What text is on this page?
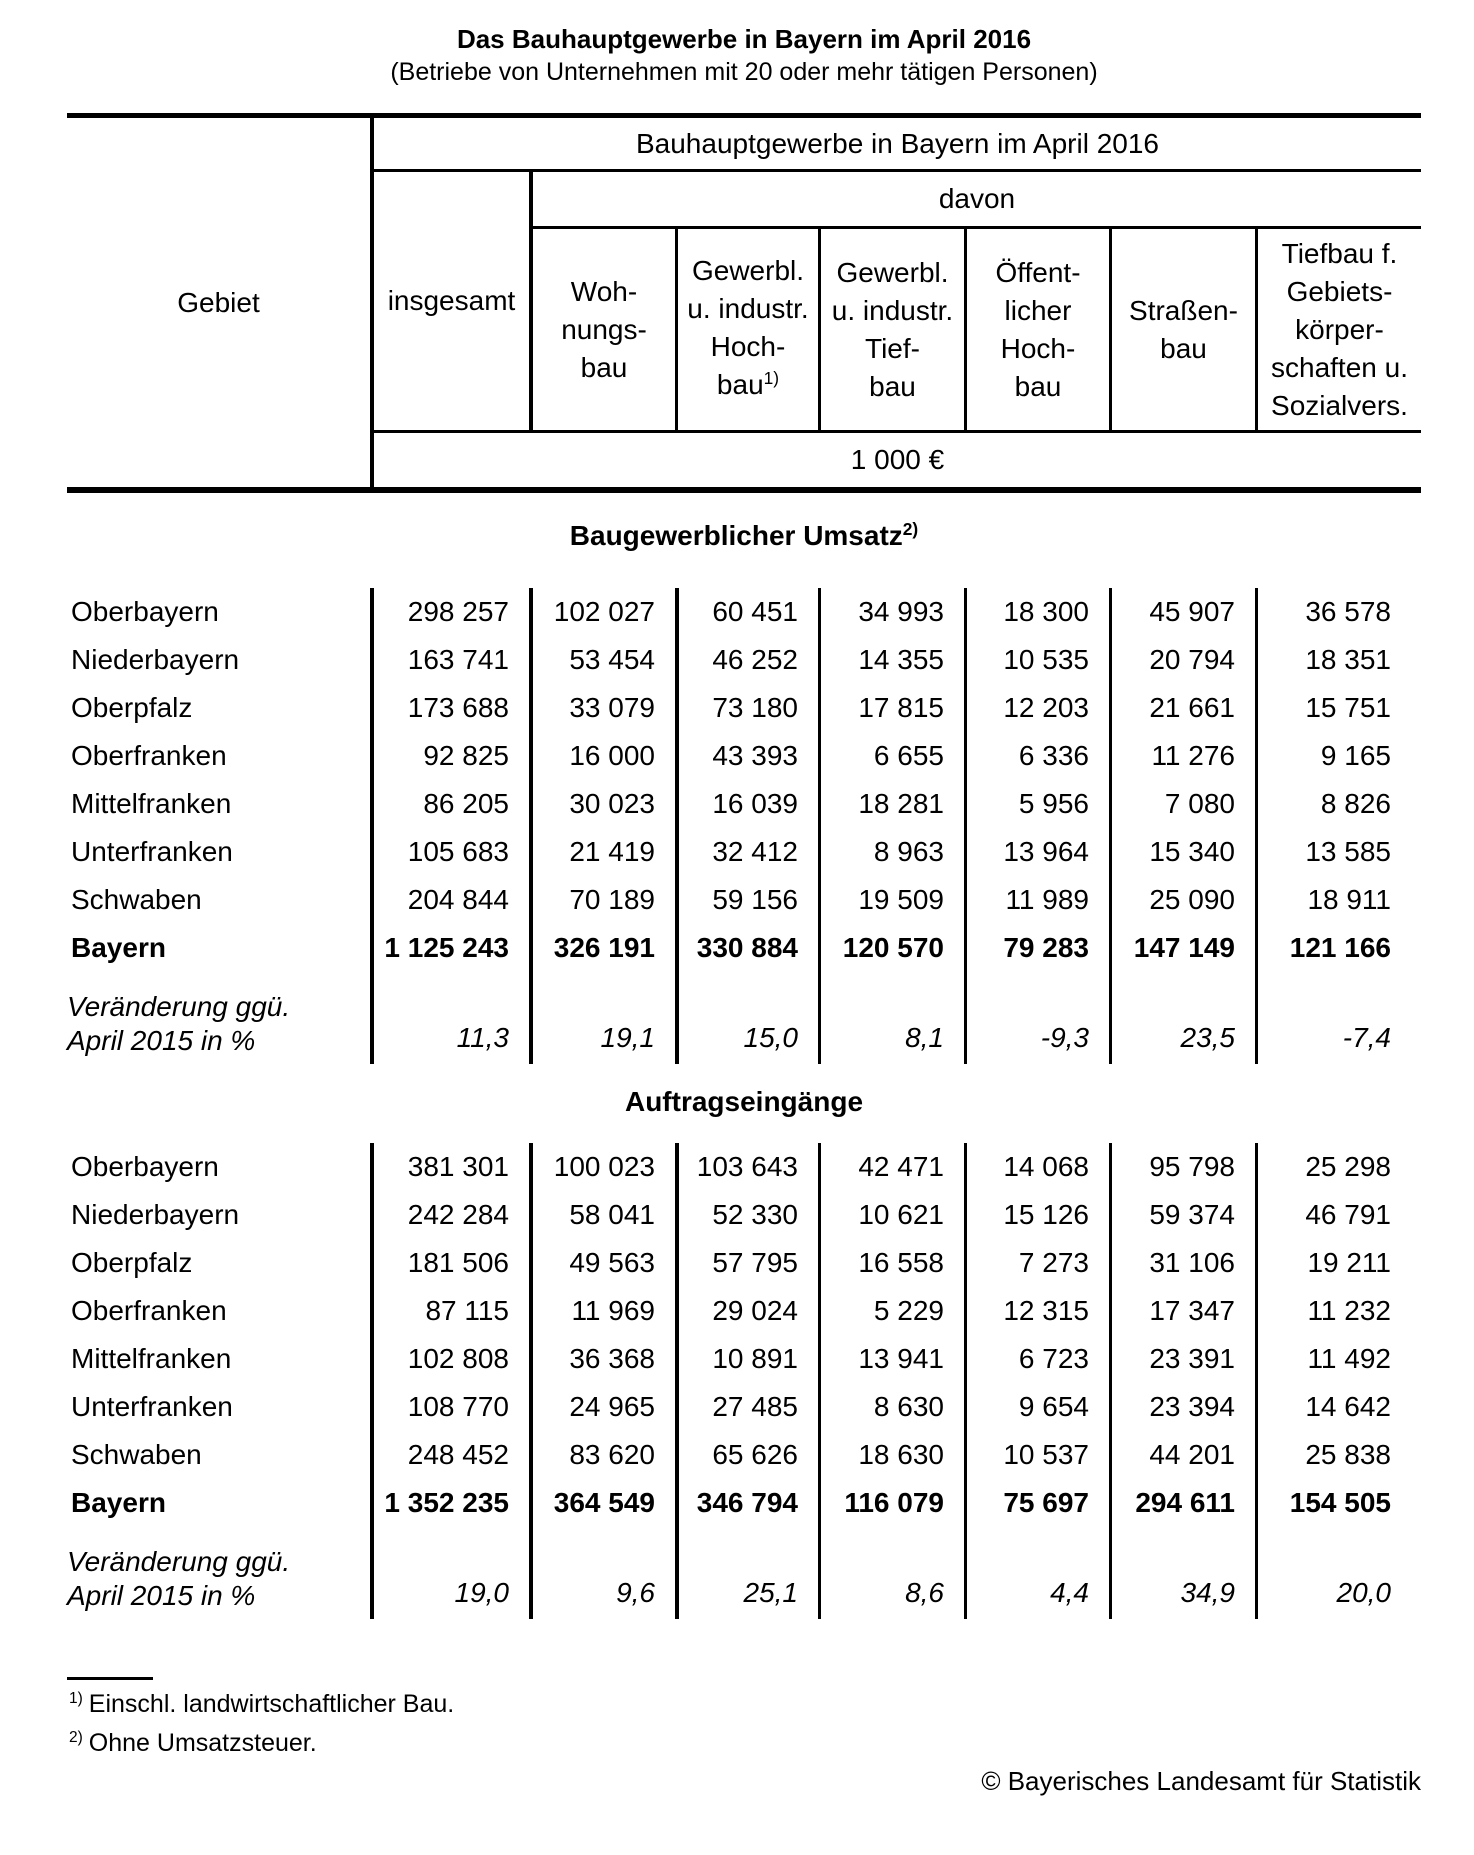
Das Bauhauptgewerbe in Bayern im April 2016
(Betriebe von Unternehmen mit 20 oder mehr tätigen Personen)
Gebiet
Bauhauptgewerbe in Bayern im April 2016
insgesamt
davon
1 000 €
Woh-
nungs-
bau
Gewerbl.
u. industr.
Hoch-
bau$^{1)}$
Gewerbl.
u. industr.
Tief-
bau
Öffent-
licher
Hoch-
bau
Straßen-
bau
Tiefbau f.
Gebiets-
körper-
schaften u.
Sozialvers.
Baugewerblicher Umsatz$^{2)}$
Oberbayern	298 257	102 027	60 451	34 993	18 300	45 907	36 578
Niederbayern	163 741	53 454	46 252	14 355	10 535	20 794	18 351
Oberpfalz	173 688	33 079	73 180	17 815	12 203	21 661	15 751
Oberfranken	92 825	16 000	43 393	6 655	6 336	11 276	9 165
Mittelfranken	86 205	30 023	16 039	18 281	5 956	7 080	8 826
Unterfranken	105 683	21 419	32 412	8 963	13 964	15 340	13 585
Schwaben	204 844	70 189	59 156	19 509	11 989	25 090	18 911
Bayern	1 125 243	326 191	330 884	120 570	79 283	147 149	121 166
Veränderung ggü.
April 2015 in %	11,3	19,1	15,0	8,1	-9,3	23,5	-7,4
Auftragseingänge
Oberbayern	381 301	100 023	103 643	42 471	14 068	95 798	25 298
Niederbayern	242 284	58 041	52 330	10 621	15 126	59 374	46 791
Oberpfalz	181 506	49 563	57 795	16 558	7 273	31 106	19 211
Oberfranken	87 115	11 969	29 024	5 229	12 315	17 347	11 232
Mittelfranken	102 808	36 368	10 891	13 941	6 723	23 391	11 492
Unterfranken	108 770	24 965	27 485	8 630	9 654	23 394	14 642
Schwaben	248 452	83 620	65 626	18 630	10 537	44 201	25 838
Bayern	1 352 235	364 549	346 794	116 079	75 697	294 611	154 505
Veränderung ggü.
April 2015 in %	19,0	9,6	25,1	8,6	4,4	34,9	20,0
$^{1)}$ Einschl. landwirtschaftlicher Bau.
$^{2)}$ Ohne Umsatzsteuer.
© Bayerisches Landesamt für Statistik
